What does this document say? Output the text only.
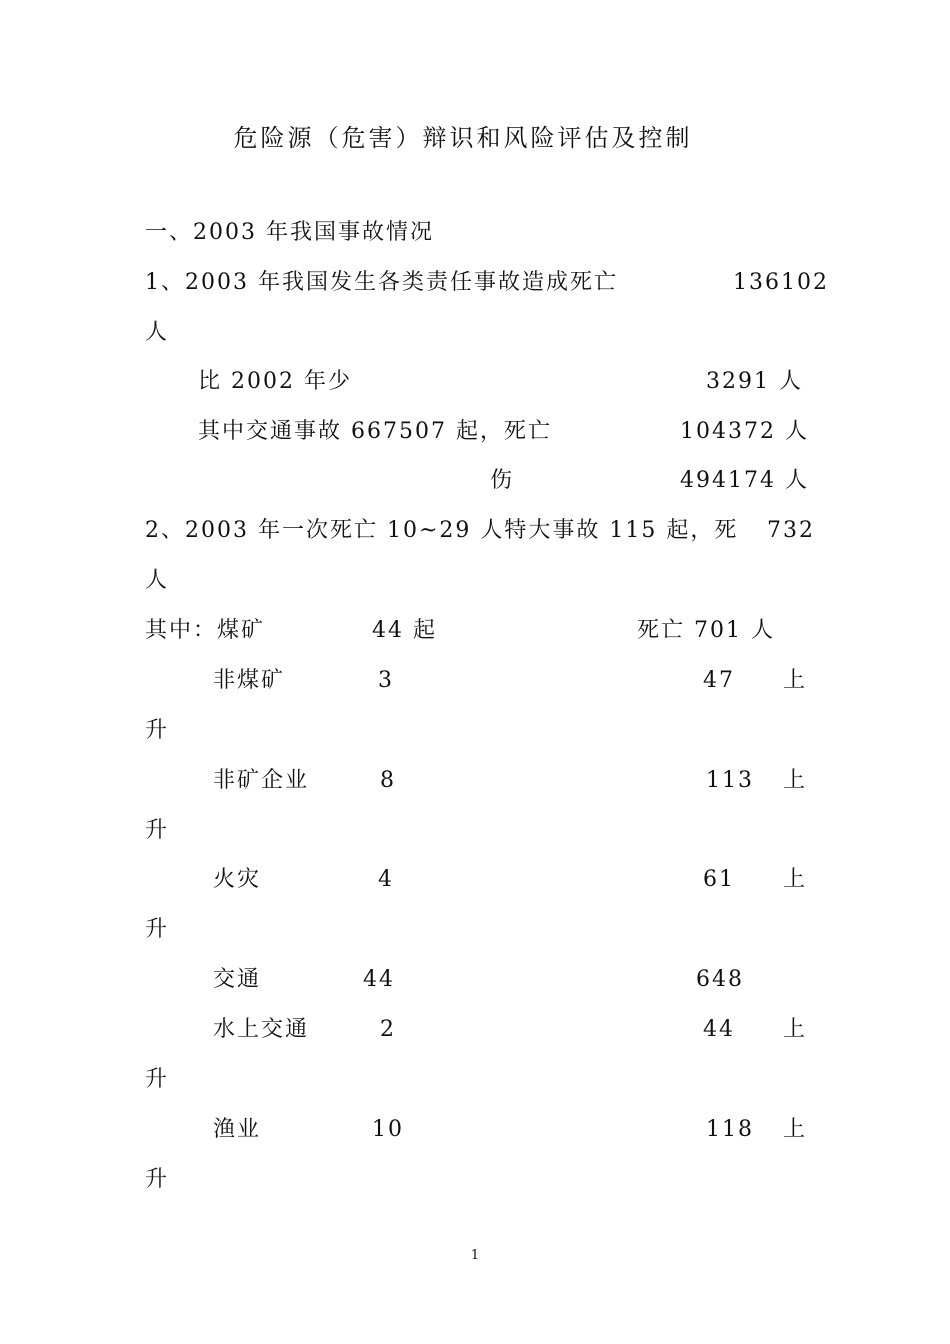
危险源（危害）辩识和风险评估及控制
一、2003 年我国事故情况
1、2003 年我国发生各类责任事故造成死亡	136102
人
比 2002 年少	3291 人
其中交通事故 667507 起，死亡	104372 人
伤	494174 人
2、2003 年一次死亡 10~29 人特大事故 115 起，死 732
人
其中：煤矿	44 起	死亡 701 人
非煤矿	3	47 上
升
非矿企业	8	113 上
升
火灾	4	61 上
升
交通	44	648
水上交通	2	44 上
升
渔业	10	118 上
升
1
